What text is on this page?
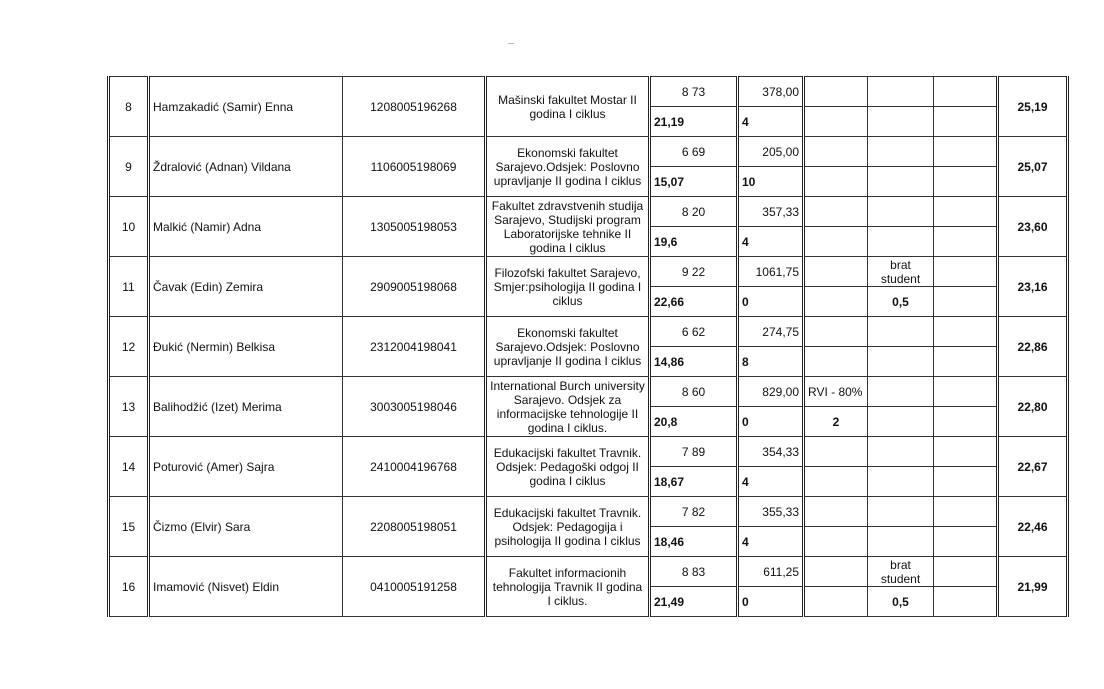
8	Hamzakadić (Samir) Enna	1208005196268	Mašinski fakultet Mostar II godina I ciklus	8 73	378,00				25,19
				21,19	4				
9	Ždralović (Adnan) Vildana	1106005198069	Ekonomski fakultet Sarajevo.Odsjek: Poslovno upravljanje II godina I ciklus	6 69	205,00				25,07
				15,07	10				
10	Malkić (Namir) Adna	1305005198053	Fakultet zdravstvenih studija Sarajevo, Studijski program Laboratorijske tehnike II godina I ciklus	8 20	357,33				23,60
				19,6	4				
11	Čavak (Edin) Zemira	2909005198068	Filozofski fakultet Sarajevo, Smjer:psihologija II godina I ciklus	9 22	1061,75		brat student		23,16
				22,66	0		0,5		
12	Đukić (Nermin) Belkisa	2312004198041	Ekonomski fakultet Sarajevo.Odsjek: Poslovno upravljanje II godina I ciklus	6 62	274,75				22,86
				14,86	8				
13	Balihodžić (Izet) Merima	3003005198046	International Burch university Sarajevo. Odsjek za informacijske tehnologije II godina I ciklus.	8 60	829,00	RVI - 80%			22,80
				20,8	0	2			
14	Poturović (Amer) Sajra	2410004196768	Edukacijski fakultet Travnik. Odsjek: Pedagoški odgoj II godina I ciklus	7 89	354,33				22,67
				18,67	4				
15	Čizmo (Elvir) Sara	2208005198051	Edukacijski fakultet Travnik. Odsjek: Pedagogija i psihologija II godina I ciklus	7 82	355,33				22,46
				18,46	4				
16	Imamović (Nisvet) Eldin	0410005191258	Fakultet informacionih tehnologija Travnik II godina I ciklus.	8 83	611,25		brat student		21,99
				21,49	0		0,5		
